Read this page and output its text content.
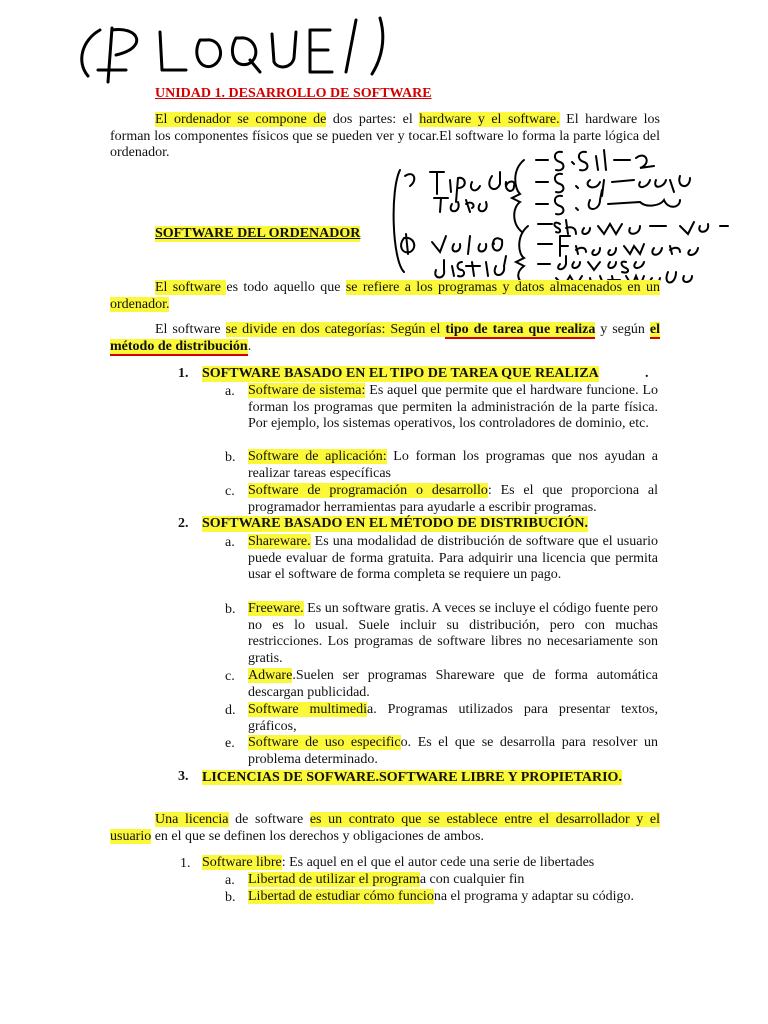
UNIDAD 1. DESARROLLO DE SOFTWARE
El ordenador se compone de dos partes: el hardware y el software. El hardware los forman los componentes físicos que se pueden ver y tocar.El software lo forma la parte lógica del ordenador.
SOFTWARE DEL ORDENADOR
El software es todo aquello que se refiere a los programas y datos almacenados en un ordenador.
El software se divide en dos categorías: Según el tipo de tarea que realiza y según el método de distribución.
1. SOFTWARE BASADO EN EL TIPO DE TAREA QUE REALIZA	.
a. Software de sistema: Es aquel que permite que el hardware funcione. Lo forman los programas que permiten la administración de la parte física. Por ejemplo, los sistemas operativos, los controladores de dominio, etc.
b. Software de aplicación: Lo forman los programas que nos ayudan a realizar tareas específicas
c. Software de programación o desarrollo: Es el que proporciona al programador herramientas para ayudarle a escribir programas.
2. SOFTWARE BASADO EN EL MÉTODO DE DISTRIBUCIÓN.
a. Shareware. Es una modalidad de distribución de software que el usuario puede evaluar de forma gratuita. Para adquirir una licencia que permita usar el software de forma completa se requiere un pago.
b. Freeware. Es un software gratis. A veces se incluye el código fuente pero no es lo usual. Suele incluir su distribución, pero con muchas restricciones. Los programas de software libres no necesariamente son gratis.
c. Adware.Suelen ser programas Shareware que de forma automática descargan publicidad.
d. Software multimedia. Programas utilizados para presentar textos, gráficos,
e. Software de uso especifico. Es el que se desarrolla para resolver un problema determinado.
3. LICENCIAS DE SOFWARE.SOFTWARE LIBRE Y PROPIETARIO.
Una licencia de software es un contrato que se establece entre el desarrollador y el usuario en el que se definen los derechos y obligaciones de ambos.
1. Software libre: Es aquel en el que el autor cede una serie de libertades
a. Libertad de utilizar el programa con cualquier fin
b. Libertad de estudiar cómo funciona el programa y adaptar su código.
